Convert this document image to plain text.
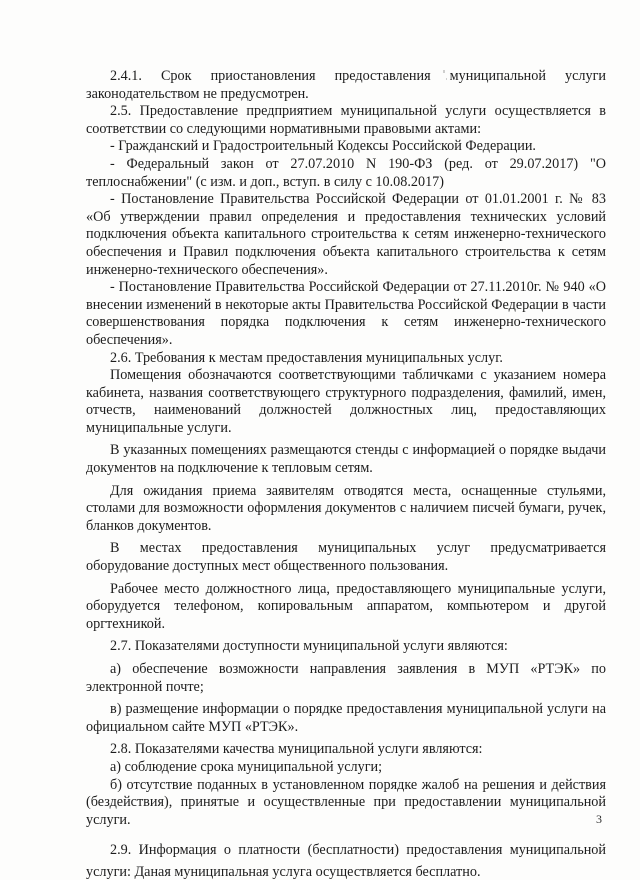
2.4.1. Срок приостановления предоставления муниципальной услуги законодательством не предусмотрен.

2.5. Предоставление предприятием муниципальной услуги осуществляется в соответствии со следующими нормативными правовыми актами:

- Гражданский и Градостроительный Кодексы Российской Федерации.

- Федеральный закон от 27.07.2010 N 190-ФЗ (ред. от 29.07.2017) "О теплоснабжении" (с изм. и доп., вступ. в силу с 10.08.2017)

- Постановление Правительства Российской Федерации от 01.01.2001 г. № 83 «Об утверждении правил определения и предоставления технических условий подключения объекта капитального строительства к сетям инженерно-технического обеспечения и Правил подключения объекта капитального строительства к сетям инженерно-технического обеспечения».

- Постановление Правительства Российской Федерации от 27.11.2010г. № 940 «О внесении изменений в некоторые акты Правительства Российской Федерации в части совершенствования порядка подключения к сетям инженерно-технического обеспечения».

2.6. Требования к местам предоставления муниципальных услуг.

Помещения обозначаются соответствующими табличками с указанием номера кабинета, названия соответствующего структурного подразделения, фамилий, имен, отчеств, наименований должностей должностных лиц, предоставляющих муниципальные услуги.

В указанных помещениях размещаются стенды с информацией о порядке выдачи документов на подключение к тепловым сетям.

Для ожидания приема заявителям отводятся места, оснащенные стульями, столами для возможности оформления документов с наличием писчей бумаги, ручек, бланков документов.

В местах предоставления муниципальных услуг предусматривается оборудование доступных мест общественного пользования.

Рабочее место должностного лица, предоставляющего муниципальные услуги, оборудуется телефоном, копировальным аппаратом, компьютером и другой оргтехникой.

2.7. Показателями доступности муниципальной услуги являются:

а) обеспечение возможности направления заявления в МУП «РТЭК» по электронной почте;

в) размещение информации о порядке предоставления муниципальной услуги на официальном сайте МУП «РТЭК».

2.8. Показателями качества муниципальной услуги являются:

а) соблюдение срока муниципальной услуги;

б) отсутствие поданных в установленном порядке жалоб на решения и действия (бездействия), принятые и осуществленные при предоставлении муниципальной услуги.

2.9. Информация о платности (бесплатности) предоставления муниципальной услуги: Даная муниципальная услуга осуществляется бесплатно.

3
